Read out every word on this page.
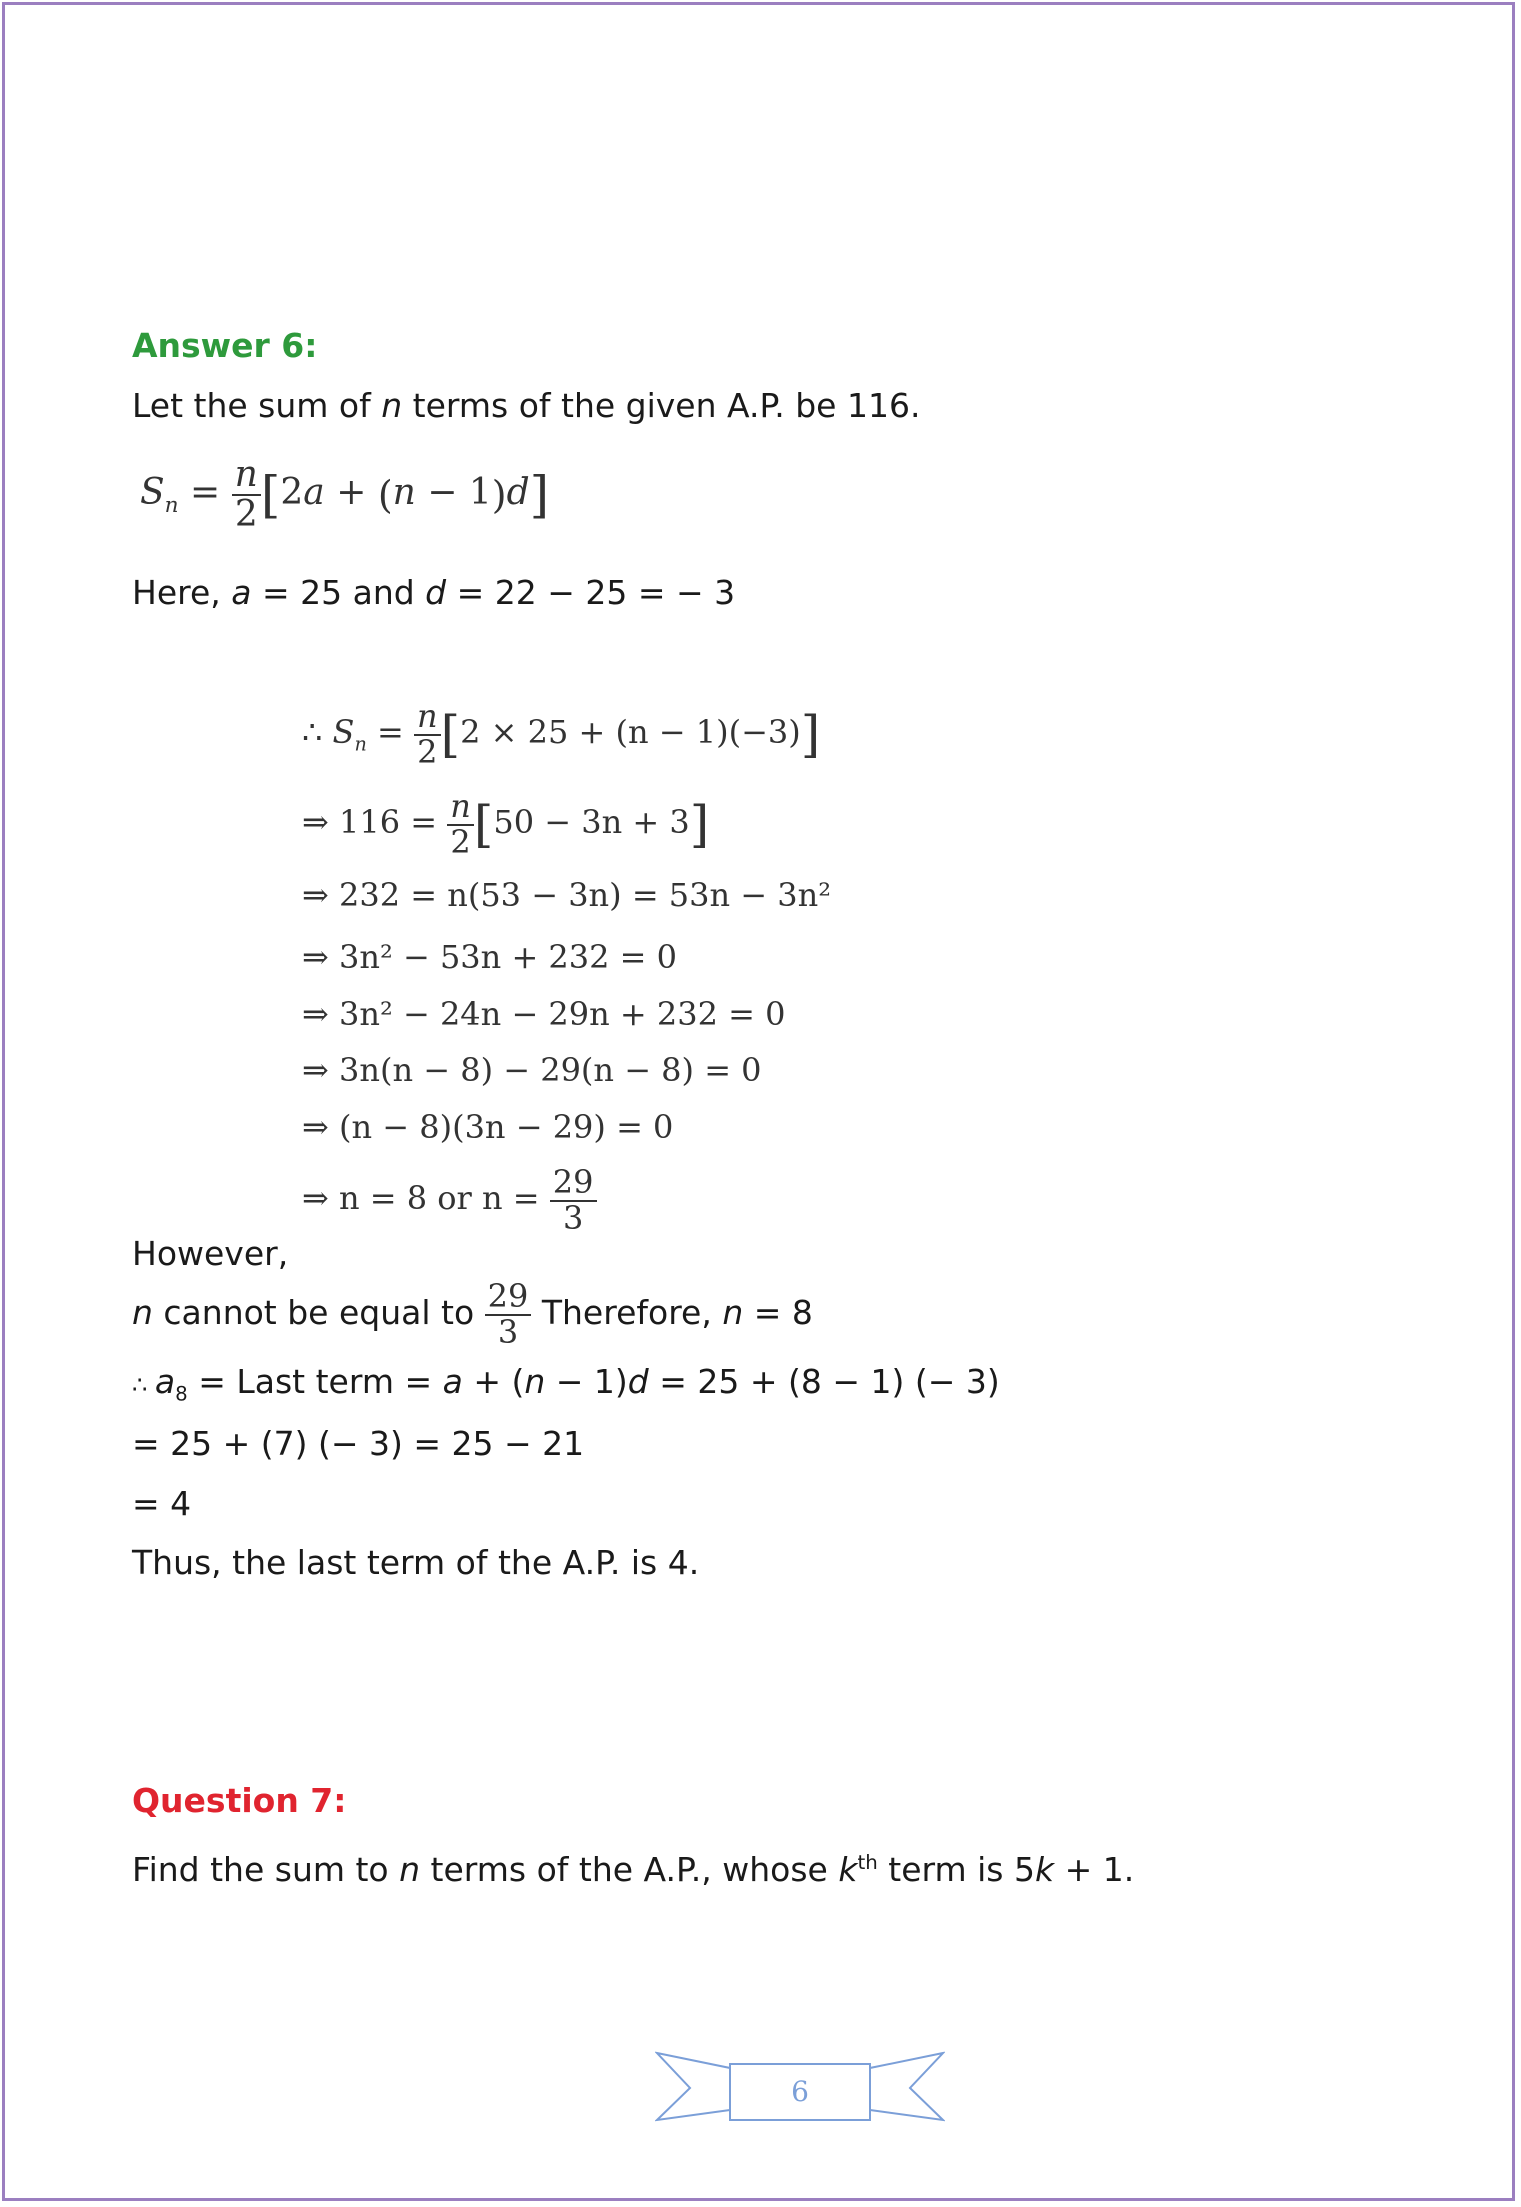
Answer 6:
Let the sum of n terms of the given A.P. be 116.
$S_n = \frac{n}{2} [2a + (n - 1)d]$
Here, a = 25 and d = 22 − 25 = − 3
∴ $S_n = \frac{n}{2} [2 \times 25 + (n - 1)(-3)]$
⇒ $116 = \frac{n}{2} [50 - 3n + 3]$
⇒ 232 = n(53 − 3n) = 53n − 3n²
⇒ 3n² − 53n + 232 = 0
⇒ 3n² − 24n − 29n + 232 = 0
⇒ 3n(n − 8) − 29(n − 8) = 0
⇒ (n − 8)(3n − 29) = 0
⇒ n = 8 or $n = \frac{29}{3}$
However,
n cannot be equal to $\frac{29}{3}$ Therefore, n = 8
∴ $a_8$ = Last term = a + (n − 1)d = 25 + (8 − 1) (− 3)
= 25 + (7) (− 3) = 25 − 21
= 4
Thus, the last term of the A.P. is 4.
Question 7:
Find the sum to n terms of the A.P., whose $k^{th}$ term is 5k + 1.
6
